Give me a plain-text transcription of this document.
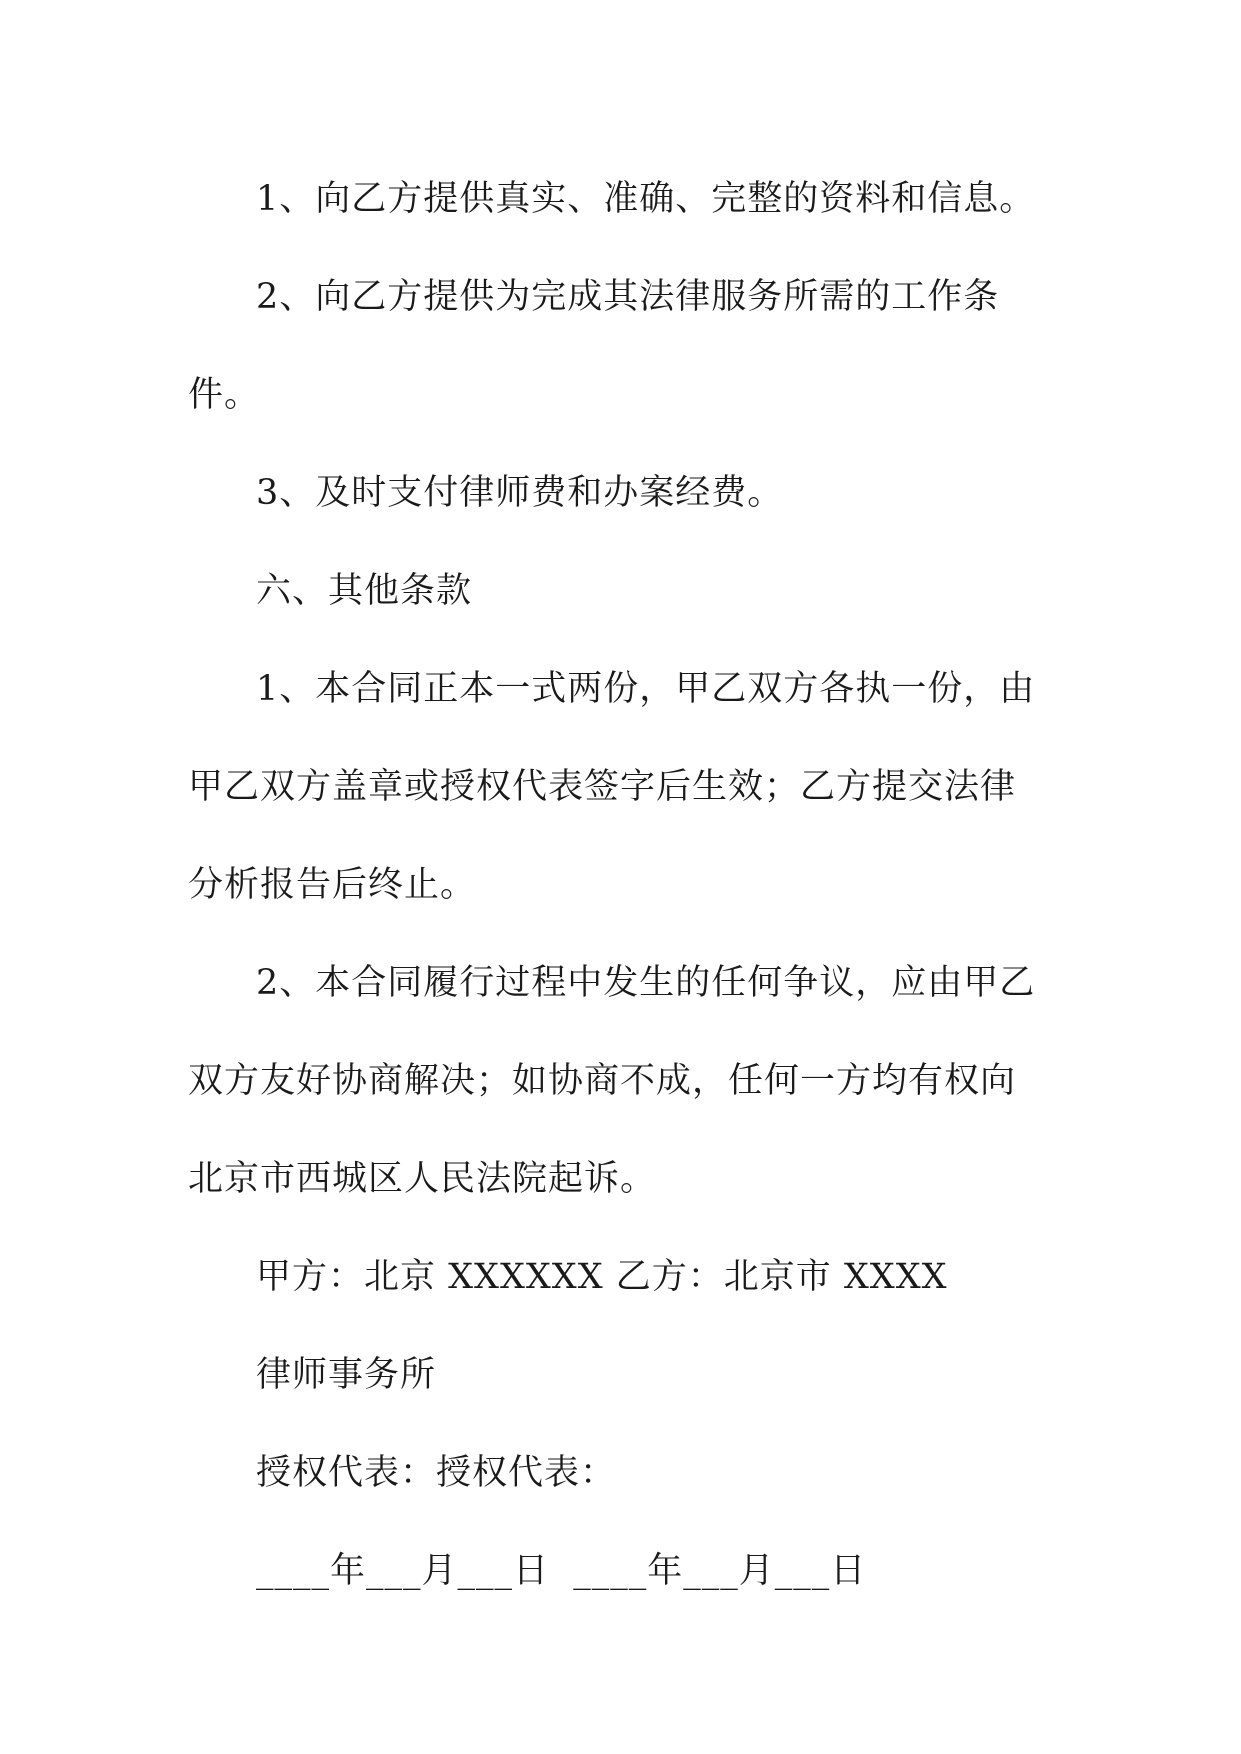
1、向乙方提供真实、准确、完整的资料和信息。

2、向乙方提供为完成其法律服务所需的工作条件。

3、及时支付律师费和办案经费。

六、其他条款

1、本合同正本一式两份，甲乙双方各执一份，由甲乙双方盖章或授权代表签字后生效；乙方提交法律分析报告后终止。

2、本合同履行过程中发生的任何争议，应由甲乙双方友好协商解决；如协商不成，任何一方均有权向北京市西城区人民法院起诉。

甲方：北京 XXXXXX 乙方：北京市 XXXX

律师事务所

授权代表：授权代表：

____年___月___日  ____年___月___日
